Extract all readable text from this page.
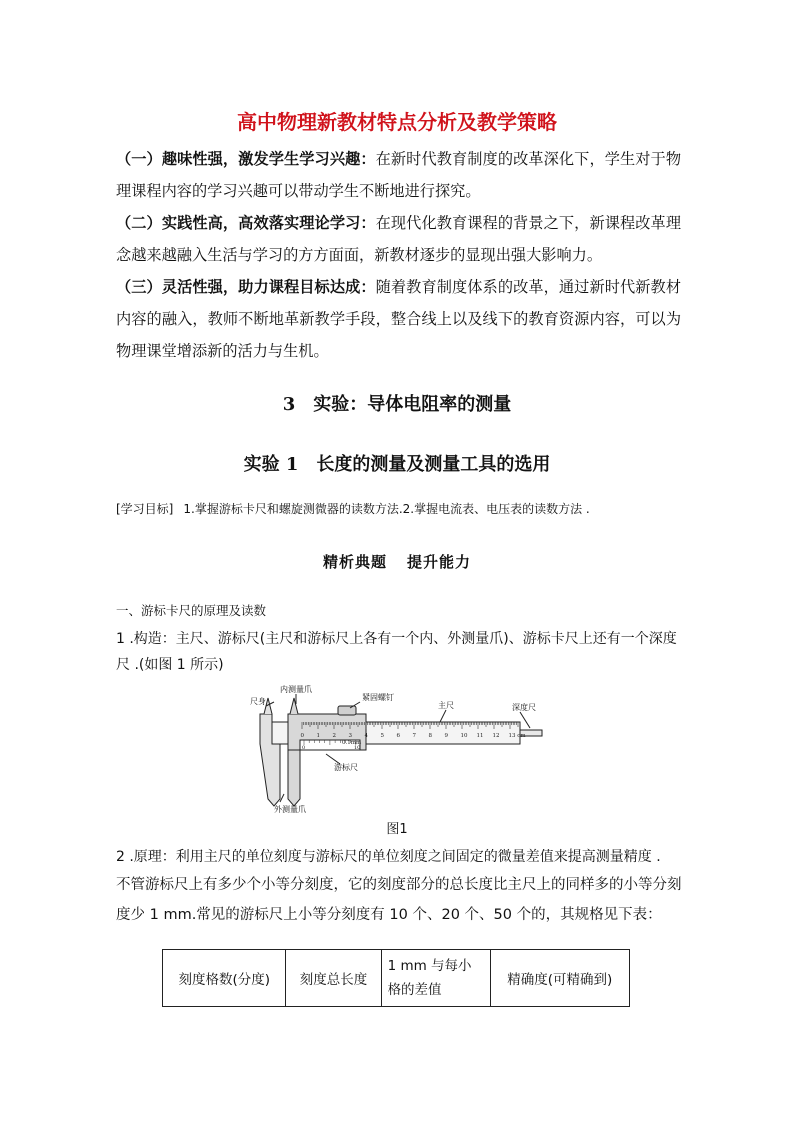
高中物理新教材特点分析及教学策略
（一）趣味性强，激发学生学习兴趣：在新时代教育制度的改革深化下，学生对于物理课程内容的学习兴趣可以带动学生不断地进行探究。
（二）实践性高，高效落实理论学习：在现代化教育课程的背景之下，新课程改革理念越来越融入生活与学习的方方面面，新教材逐步的显现出强大影响力。
（三）灵活性强，助力课程目标达成：随着教育制度体系的改革，通过新时代新教材内容的融入，教师不断地革新教学手段，整合线上以及线下的教育资源内容，可以为物理课堂增添新的活力与生机。
3 实验：导体电阻率的测量
实验 1 长度的测量及测量工具的选用
[学习目标] 1.掌握游标卡尺和螺旋测微器的读数方法.2.掌握电流表、电压表的读数方法 .
精析典题 提升能力
一、游标卡尺的原理及读数
1 .构造：主尺、游标尺(主尺和游标尺上各有一个内、外测量爪)、游标卡尺上还有一个深度尺 .(如图 1 所示)
0 1 2 3 4 5 6 7 8 9 10 11 12 13 cm
0	10
0.1mm
尺身
内测量爪
紧固螺钉
主尺	深度尺
游标尺
外测量爪
图1
2 .原理：利用主尺的单位刻度与游标尺的单位刻度之间固定的微量差值来提高测量精度 .
不管游标尺上有多少个小等分刻度，它的刻度部分的总长度比主尺上的同样多的小等分刻度少 1 mm.常见的游标尺上小等分刻度有 10 个、20 个、50 个的，其规格见下表：
刻度格数(分度)	刻度总长度	1 mm 与每小格的差值	精确度(可精确到)
